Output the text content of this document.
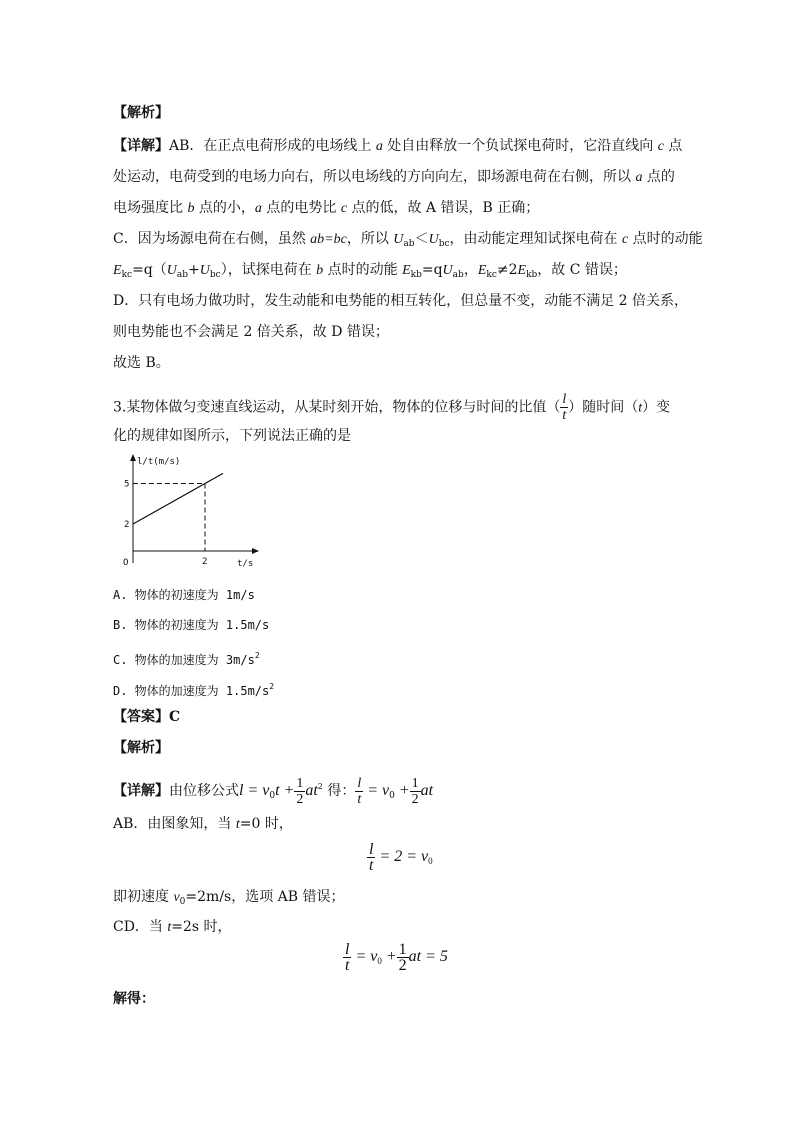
【解析】
【详解】AB．在正点电荷形成的电场线上 a 处自由释放一个负试探电荷时，它沿直线向 c 点
处运动，电荷受到的电场力向右，所以电场线的方向向左，即场源电荷在右侧，所以 a 点的
电场强度比 b 点的小，a 点的电势比 c 点的低，故 A 错误，B 正确；
C．因为场源电荷在右侧，虽然 ab=bc，所以 $U_{ab}<U_{bc}$，由动能定理知试探电荷在 c 点时的动能
$E_{kc}=q(U_{ab}+U_{bc})$，试探电荷在 b 点时的动能 $E_{kb}=qU_{ab}$，$E_{kc}\ne 2E_{kb}$，故 C 错误；
D．只有电场力做功时，发生动能和电势能的相互转化，但总量不变，动能不满足 2 倍关系，
则电势能也不会满足 2 倍关系，故 D 错误；
故选 B。
3.某物体做匀变速直线运动，从某时刻开始，物体的位移与时间的比值（ $\frac{l}{t}$ ）随时间（t）变
化的规律如图所示，下列说法正确的是
l/t(m/s)
t/s
O
2
5
2
A. 物体的初速度为 1m/s
B. 物体的初速度为 1.5m/s
C. 物体的加速度为 $3m/s^2$
D. 物体的加速度为 $1.5m/s^2$
【答案】C
【解析】
【详解】由位移公式$l = v_0t + \frac{1}{2} at^2$ 得： $\frac{l}{t} = v_0 + \frac{1}{2}$ at
AB．由图象知，当 t=0 时，
$\frac{l}{t} = 2 = v_0$
即初速度 $v_0=2m/s$，选项 AB 错误；
CD．当 t=2s 时，
$\frac{l}{t} = v_0 + \frac{1}{2}$ at = 5
解得：
